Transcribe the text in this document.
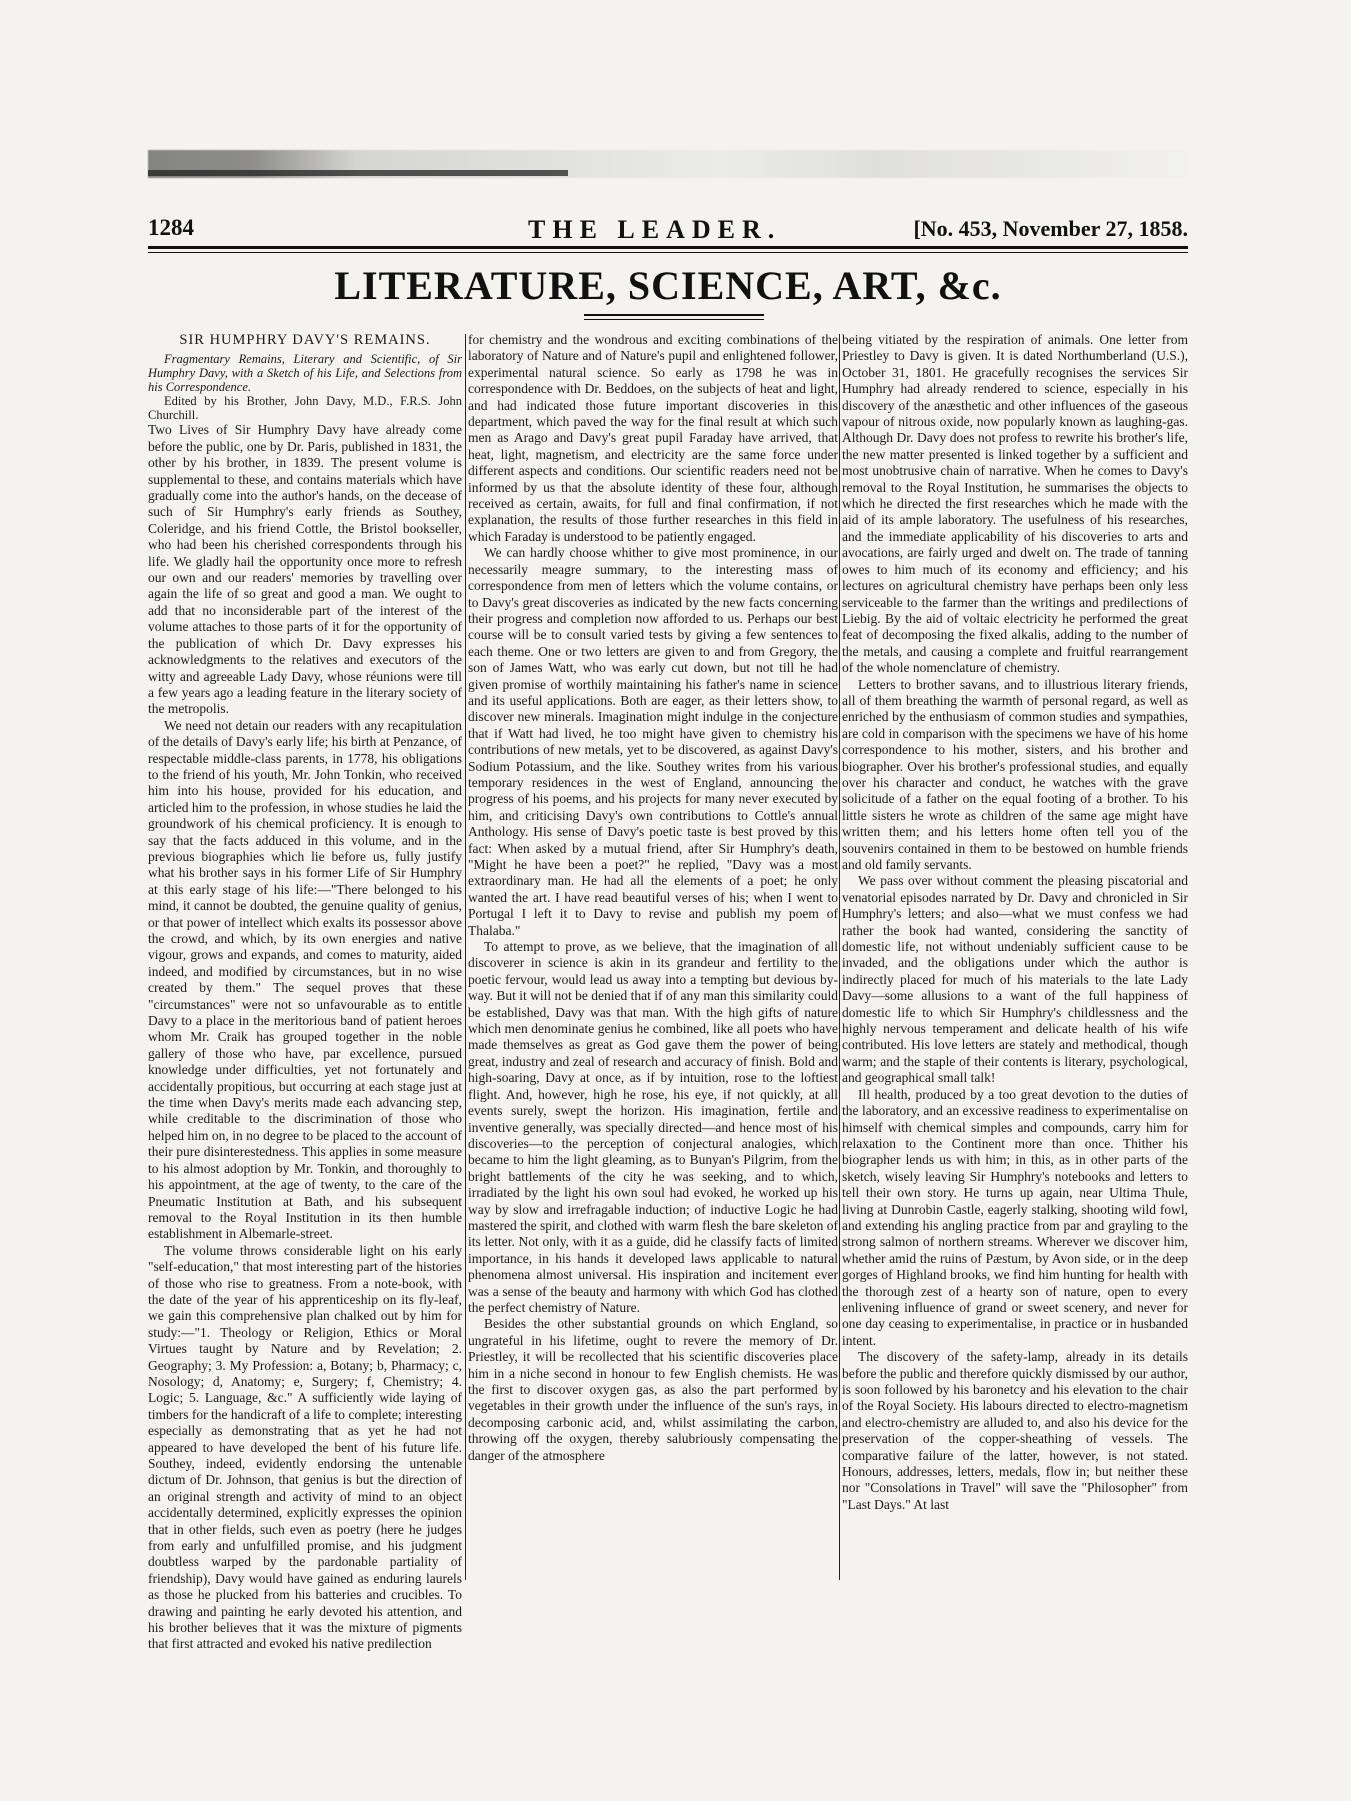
1284	THE LEADER.	[No. 453, November 27, 1858.
LITERATURE, SCIENCE, ART, &c.
SIR HUMPHRY DAVY'S REMAINS.

Fragmentary Remains, Literary and Scientific, of Sir Humphry Davy, with a Sketch of his Life, and Selections from his Correspondence.

Edited by his Brother, John Davy, M.D., F.R.S. John Churchill.

Two Lives of Sir Humphry Davy have already come before the public, one by Dr. Paris, published in 1831, the other by his brother, in 1839. The present volume is supplemental to these, and contains materials which have gradually come into the author's hands, on the decease of such of Sir Humphry's early friends as Southey, Coleridge, and his friend Cottle, the Bristol bookseller, who had been his cherished correspondents through his life. We gladly hail the opportunity once more to refresh our own and our readers' memories by travelling over again the life of so great and good a man. We ought to add that no inconsiderable part of the interest of the volume attaches to those parts of it for the opportunity of the publication of which Dr. Davy expresses his acknowledgments to the relatives and executors of the witty and agreeable Lady Davy, whose réunions were till a few years ago a leading feature in the literary society of the metropolis.

We need not detain our readers with any recapitulation of the details of Davy's early life; his birth at Penzance, of respectable middle-class parents, in 1778, his obligations to the friend of his youth, Mr. John Tonkin, who received him into his house, provided for his education, and articled him to the profession, in whose studies he laid the groundwork of his chemical proficiency. It is enough to say that the facts adduced in this volume, and in the previous biographies which lie before us, fully justify what his brother says in his former Life of Sir Humphry at this early stage of his life:—"There belonged to his mind, it cannot be doubted, the genuine quality of genius, or that power of intellect which exalts its possessor above the crowd, and which, by its own energies and native vigour, grows and expands, and comes to maturity, aided indeed, and modified by circumstances, but in no wise created by them." The sequel proves that these "circumstances" were not so unfavourable as to entitle Davy to a place in the meritorious band of patient heroes whom Mr. Craik has grouped together in the noble gallery of those who have, par excellence, pursued knowledge under difficulties, yet not fortunately and accidentally propitious, but occurring at each stage just at the time when Davy's merits made each advancing step, while creditable to the discrimination of those who helped him on, in no degree to be placed to the account of their pure disinterestedness. This applies in some measure to his almost adoption by Mr. Tonkin, and thoroughly to his appointment, at the age of twenty, to the care of the Pneumatic Institution at Bath, and his subsequent removal to the Royal Institution in its then humble establishment in Albemarle-street.

The volume throws considerable light on his early "self-education," that most interesting part of the histories of those who rise to greatness. From a note-book, with the date of the year of his apprenticeship on its fly-leaf, we gain this comprehensive plan chalked out by him for study:—"1. Theology or Religion, Ethics or Moral Virtues taught by Nature and by Revelation; 2. Geography; 3. My Profession: a, Botany; b, Pharmacy; c, Nosology; d, Anatomy; e, Surgery; f, Chemistry; 4. Logic; 5. Language, &c." A sufficiently wide laying of timbers for the handicraft of a life to complete; interesting especially as demonstrating that as yet he had not appeared to have developed the bent of his future life. Southey, indeed, evidently endorsing the untenable dictum of Dr. Johnson, that genius is but the direction of an original strength and activity of mind to an object accidentally determined, explicitly expresses the opinion that in other fields, such even as poetry (here he judges from early and unfulfilled promise, and his judgment doubtless warped by the pardonable partiality of friendship), Davy would have gained as enduring laurels as those he plucked from his batteries and crucibles. To drawing and painting he early devoted his attention, and his brother believes that it was the mixture of pigments that first attracted and evoked his native predilection

for chemistry and the wondrous and exciting combinations of the laboratory of Nature and of Nature's pupil and enlightened follower, experimental natural science. So early as 1798 he was in correspondence with Dr. Beddoes, on the subjects of heat and light, and had indicated those future important discoveries in this department, which paved the way for the final result at which such men as Arago and Davy's great pupil Faraday have arrived, that heat, light, magnetism, and electricity are the same force under different aspects and conditions. Our scientific readers need not be informed by us that the absolute identity of these four, although received as certain, awaits, for full and final confirmation, if not explanation, the results of those further researches in this field in which Faraday is understood to be patiently engaged.

We can hardly choose whither to give most prominence, in our necessarily meagre summary, to the interesting mass of correspondence from men of letters which the volume contains, or to Davy's great discoveries as indicated by the new facts concerning their progress and completion now afforded to us. Perhaps our best course will be to consult varied tests by giving a few sentences to each theme. One or two letters are given to and from Gregory, the son of James Watt, who was early cut down, but not till he had given promise of worthily maintaining his father's name in science and its useful applications. Both are eager, as their letters show, to discover new minerals. Imagination might indulge in the conjecture that if Watt had lived, he too might have given to chemistry his contributions of new metals, yet to be discovered, as against Davy's Sodium Potassium, and the like. Southey writes from his various temporary residences in the west of England, announcing the progress of his poems, and his projects for many never executed by him, and criticising Davy's own contributions to Cottle's annual Anthology. His sense of Davy's poetic taste is best proved by this fact: When asked by a mutual friend, after Sir Humphry's death, "Might he have been a poet?" he replied, "Davy was a most extraordinary man. He had all the elements of a poet; he only wanted the art. I have read beautiful verses of his; when I went to Portugal I left it to Davy to revise and publish my poem of Thalaba."

To attempt to prove, as we believe, that the imagination of all discoverer in science is akin in its grandeur and fertility to the poetic fervour, would lead us away into a tempting but devious by-way. But it will not be denied that if of any man this similarity could be established, Davy was that man. With the high gifts of nature which men denominate genius he combined, like all poets who have made themselves as great as God gave them the power of being great, industry and zeal of research and accuracy of finish. Bold and high-soaring, Davy at once, as if by intuition, rose to the loftiest flight. And, however, high he rose, his eye, if not quickly, at all events surely, swept the horizon. His imagination, fertile and inventive generally, was specially directed—and hence most of his discoveries—to the perception of conjectural analogies, which became to him the light gleaming, as to Bunyan's Pilgrim, from the bright battlements of the city he was seeking, and to which, irradiated by the light his own soul had evoked, he worked up his way by slow and irrefragable induction; of inductive Logic he had mastered the spirit, and clothed with warm flesh the bare skeleton of its letter. Not only, with it as a guide, did he classify facts of limited importance, in his hands it developed laws applicable to natural phenomena almost universal. His inspiration and incitement ever was a sense of the beauty and harmony with which God has clothed the perfect chemistry of Nature.

Besides the other substantial grounds on which England, so ungrateful in his lifetime, ought to revere the memory of Dr. Priestley, it will be recollected that his scientific discoveries place him in a niche second in honour to few English chemists. He was the first to discover oxygen gas, as also the part performed by vegetables in their growth under the influence of the sun's rays, in decomposing carbonic acid, and, whilst assimilating the carbon, throwing off the oxygen, thereby salubriously compensating the danger of the atmosphere

being vitiated by the respiration of animals. One letter from Priestley to Davy is given. It is dated Northumberland (U.S.), October 31, 1801. He gracefully recognises the services Sir Humphry had already rendered to science, especially in his discovery of the anæsthetic and other influences of the gaseous vapour of nitrous oxide, now popularly known as laughing-gas. Although Dr. Davy does not profess to rewrite his brother's life, the new matter presented is linked together by a sufficient and most unobtrusive chain of narrative. When he comes to Davy's removal to the Royal Institution, he summarises the objects to which he directed the first researches which he made with the aid of its ample laboratory. The usefulness of his researches, and the immediate applicability of his discoveries to arts and avocations, are fairly urged and dwelt on. The trade of tanning owes to him much of its economy and efficiency; and his lectures on agricultural chemistry have perhaps been only less serviceable to the farmer than the writings and predilections of Liebig. By the aid of voltaic electricity he performed the great feat of decomposing the fixed alkalis, adding to the number of the metals, and causing a complete and fruitful rearrangement of the whole nomenclature of chemistry.

Letters to brother savans, and to illustrious literary friends, all of them breathing the warmth of personal regard, as well as enriched by the enthusiasm of common studies and sympathies, are cold in comparison with the specimens we have of his home correspondence to his mother, sisters, and his brother and biographer. Over his brother's professional studies, and equally over his character and conduct, he watches with the grave solicitude of a father on the equal footing of a brother. To his little sisters he wrote as children of the same age might have written them; and his letters home often tell you of the souvenirs contained in them to be bestowed on humble friends and old family servants.

We pass over without comment the pleasing piscatorial and venatorial episodes narrated by Dr. Davy and chronicled in Sir Humphry's letters; and also—what we must confess we had rather the book had wanted, considering the sanctity of domestic life, not without undeniably sufficient cause to be invaded, and the obligations under which the author is indirectly placed for much of his materials to the late Lady Davy—some allusions to a want of the full happiness of domestic life to which Sir Humphry's childlessness and the highly nervous temperament and delicate health of his wife contributed. His love letters are stately and methodical, though warm; and the staple of their contents is literary, psychological, and geographical small talk!

Ill health, produced by a too great devotion to the duties of the laboratory, and an excessive readiness to experimentalise on himself with chemical simples and compounds, carry him for relaxation to the Continent more than once. Thither his biographer lends us with him; in this, as in other parts of the sketch, wisely leaving Sir Humphry's notebooks and letters to tell their own story. He turns up again, near Ultima Thule, living at Dunrobin Castle, eagerly stalking, shooting wild fowl, and extending his angling practice from par and grayling to the strong salmon of northern streams. Wherever we discover him, whether amid the ruins of Pæstum, by Avon side, or in the deep gorges of Highland brooks, we find him hunting for health with the thorough zest of a hearty son of nature, open to every enlivening influence of grand or sweet scenery, and never for one day ceasing to experimentalise, in practice or in husbanded intent.

The discovery of the safety-lamp, already in its details before the public and therefore quickly dismissed by our author, is soon followed by his baronetcy and his elevation to the chair of the Royal Society. His labours directed to electro-magnetism and electro-chemistry are alluded to, and also his device for the preservation of the copper-sheathing of vessels. The comparative failure of the latter, however, is not stated. Honours, addresses, letters, medals, flow in; but neither these nor "Consolations in Travel" will save the "Philosopher" from "Last Days." At last
